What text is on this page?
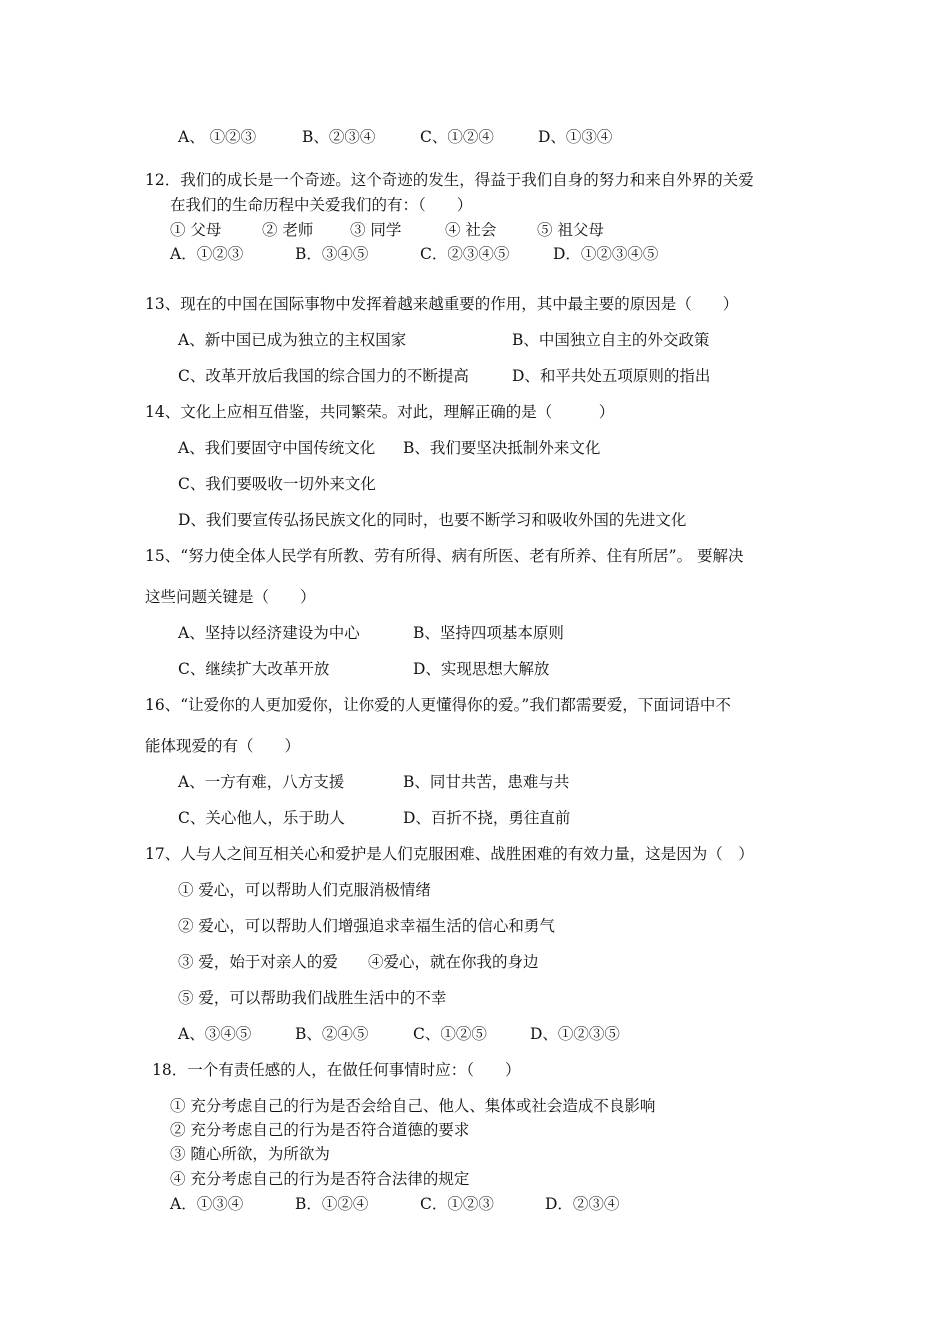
A、 ①②③	B、②③④	C、①②④	D、①③④
12．我们的成长是一个奇迹。这个奇迹的发生，得益于我们自身的努力和来自外界的关爱
在我们的生命历程中关爱我们的有：（　　）
① 父母	② 老师 ③ 同学	④ 社会	⑤ 祖父母
A．①②③	B．③④⑤	C．②③④⑤	D．①②③④⑤
13、现在的中国在国际事物中发挥着越来越重要的作用，其中最主要的原因是（　　）
A、新中国已成为独立的主权国家	B、中国独立自主的外交政策
C、改革开放后我国的综合国力的不断提高	D、和平共处五项原则的指出
14、文化上应相互借鉴，共同繁荣。对此，理解正确的是（　　　）
A、我们要固守中国传统文化 B、我们要坚决抵制外来文化
C、我们要吸收一切外来文化
D、我们要宣传弘扬民族文化的同时，也要不断学习和吸收外国的先进文化
15、“努力使全体人民学有所教、劳有所得、病有所医、老有所养、住有所居”。 要解决
这些问题关键是（　　）
A、坚持以经济建设为中心	B、坚持四项基本原则
C、继续扩大改革开放	D、实现思想大解放
16、“让爱你的人更加爱你，让你爱的人更懂得你的爱。”我们都需要爱，下面词语中不
能体现爱的有（　　）
A、一方有难，八方支援	B、同甘共苦，患难与共
C、关心他人，乐于助人	D、百折不挠，勇往直前
17、人与人之间互相关心和爱护是人们克服困难、战胜困难的有效力量，这是因为（　）
① 爱心，可以帮助人们克服消极情绪
② 爱心，可以帮助人们增强追求幸福生活的信心和勇气
③ 爱，始于对亲人的爱 ④爱心，就在你我的身边
⑤ 爱，可以帮助我们战胜生活中的不幸
A、③④⑤	B、②④⑤	C、①②⑤	D、①②③⑤
18．一个有责任感的人，在做任何事情时应：（　　）
① 充分考虑自己的行为是否会给自己、他人、集体或社会造成不良影响
② 充分考虑自己的行为是否符合道德的要求
③ 随心所欲，为所欲为
④ 充分考虑自己的行为是否符合法律的规定
A．①③④	B．①②④	C．①②③	D．②③④
